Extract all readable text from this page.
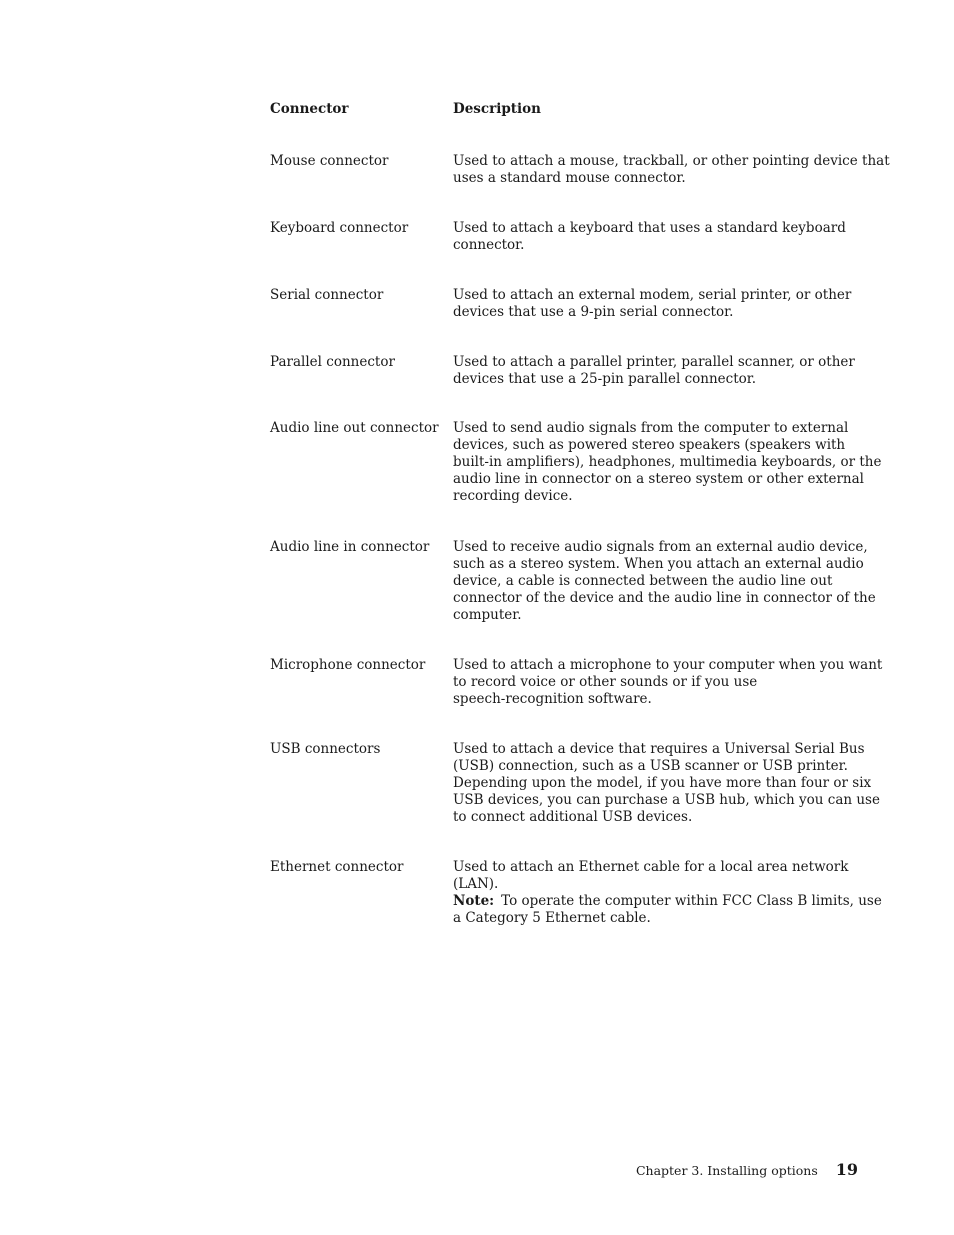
Connector	Description
Mouse connector	Used to attach a mouse, trackball, or other pointing device that
uses a standard mouse connector.
Keyboard connector	Used to attach a keyboard that uses a standard keyboard
connector.
Serial connector	Used to attach an external modem, serial printer, or other
devices that use a 9-pin serial connector.
Parallel connector	Used to attach a parallel printer, parallel scanner, or other
devices that use a 25-pin parallel connector.
Audio line out connector	Used to send audio signals from the computer to external
devices, such as powered stereo speakers (speakers with
built-in amplifiers), headphones, multimedia keyboards, or the
audio line in connector on a stereo system or other external
recording device.
Audio line in connector	Used to receive audio signals from an external audio device,
such as a stereo system. When you attach an external audio
device, a cable is connected between the audio line out
connector of the device and the audio line in connector of the
computer.
Microphone connector	Used to attach a microphone to your computer when you want
to record voice or other sounds or if you use
speech-recognition software.
USB connectors	Used to attach a device that requires a Universal Serial Bus
(USB) connection, such as a USB scanner or USB printer.
Depending upon the model, if you have more than four or six
USB devices, you can purchase a USB hub, which you can use
to connect additional USB devices.
Ethernet connector	Used to attach an Ethernet cable for a local area network
(LAN).
Note: To operate the computer within FCC Class B limits, use
a Category 5 Ethernet cable.
Chapter 3. Installing options 19
